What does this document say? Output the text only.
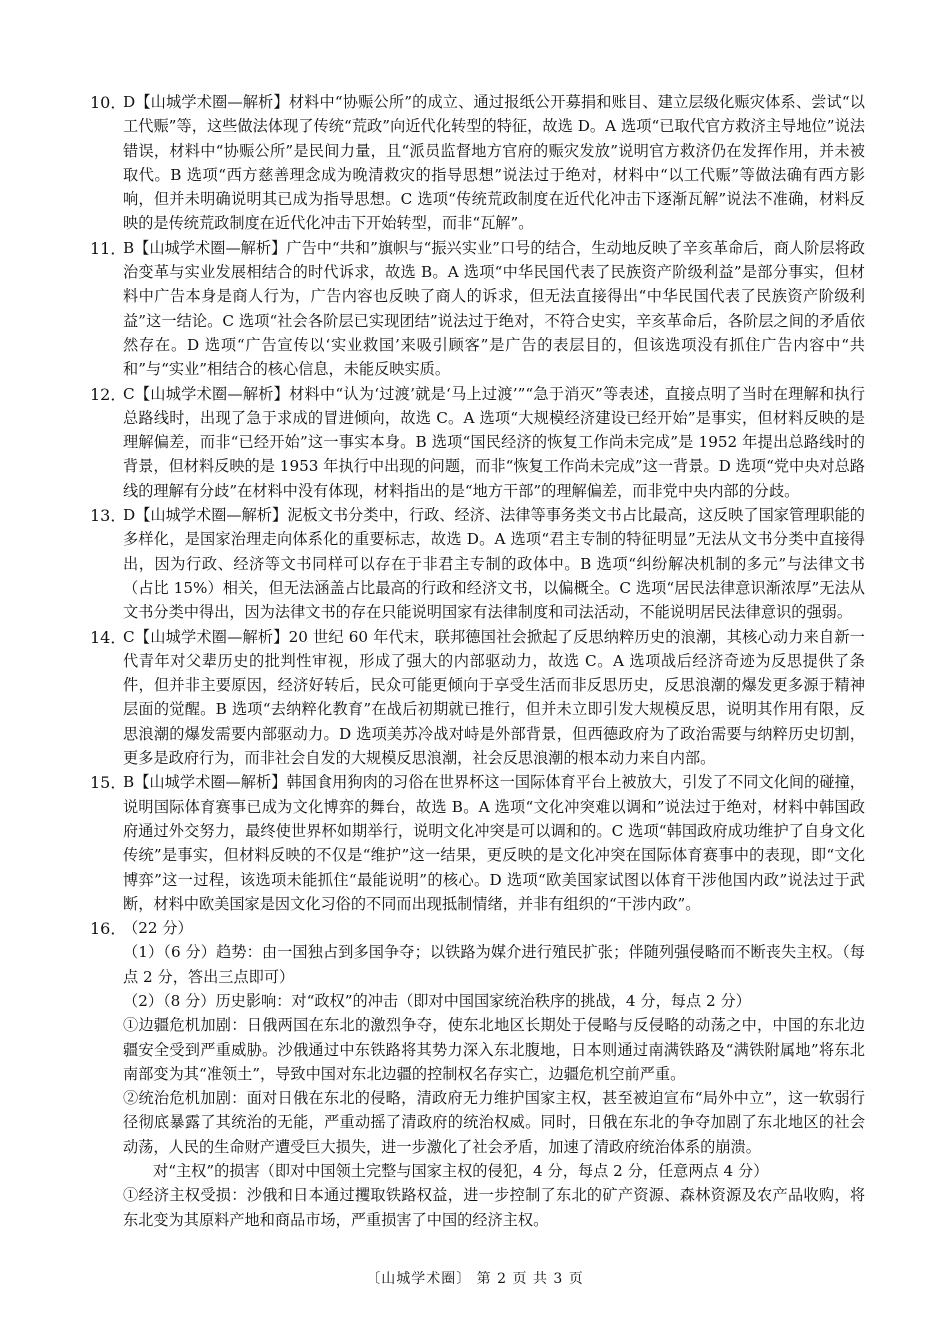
10．

D【山城学术圈—解析】材料中“协赈公所”的成立、通过报纸公开募捐和账目、建立层级化赈灾体系、尝试“以工代赈”等，这些做法体现了传统“荒政”向近代化转型的特征，故选 D。A 选项“已取代官方救济主导地位”说法错误，材料中“协赈公所”是民间力量，且“派员监督地方官府的赈灾发放”说明官方救济仍在发挥作用，并未被取代。B 选项“西方慈善理念成为晚清救灾的指导思想”说法过于绝对，材料中“以工代赈”等做法确有西方影响，但并未明确说明其已成为指导思想。C 选项“传统荒政制度在近代化冲击下逐渐瓦解”说法不准确，材料反映的是传统荒政制度在近代化冲击下开始转型，而非“瓦解”。

11．

B【山城学术圈—解析】广告中“共和”旗帜与“振兴实业”口号的结合，生动地反映了辛亥革命后，商人阶层将政治变革与实业发展相结合的时代诉求，故选 B。A 选项“中华民国代表了民族资产阶级利益”是部分事实，但材料中广告本身是商人行为，广告内容也反映了商人的诉求，但无法直接得出“中华民国代表了民族资产阶级利益”这一结论。C 选项“社会各阶层已实现团结”说法过于绝对，不符合史实，辛亥革命后，各阶层之间的矛盾依然存在。D 选项“广告宣传以‘实业救国’来吸引顾客”是广告的表层目的，但该选项没有抓住广告内容中“共和”与“实业”相结合的核心信息，未能反映实质。

12．

C【山城学术圈—解析】材料中“认为‘过渡’就是‘马上过渡’”“急于消灭”等表述，直接点明了当时在理解和执行总路线时，出现了急于求成的冒进倾向，故选 C。A 选项“大规模经济建设已经开始”是事实，但材料反映的是理解偏差，而非“已经开始”这一事实本身。B 选项“国民经济的恢复工作尚未完成”是 1952 年提出总路线时的背景，但材料反映的是 1953 年执行中出现的问题，而非“恢复工作尚未完成”这一背景。D 选项“党中央对总路线的理解有分歧”在材料中没有体现，材料指出的是“地方干部”的理解偏差，而非党中央内部的分歧。

13．

D【山城学术圈—解析】泥板文书分类中，行政、经济、法律等事务类文书占比最高，这反映了国家管理职能的多样化，是国家治理走向体系化的重要标志，故选 D。A 选项“君主专制的特征明显”无法从文书分类中直接得出，因为行政、经济等文书同样可以存在于非君主专制的政体中。B 选项“纠纷解决机制的多元”与法律文书（占比 15%）相关，但无法涵盖占比最高的行政和经济文书，以偏概全。C 选项“居民法律意识渐浓厚”无法从文书分类中得出，因为法律文书的存在只能说明国家有法律制度和司法活动，不能说明居民法律意识的强弱。

14．

C【山城学术圈—解析】20 世纪 60 年代末，联邦德国社会掀起了反思纳粹历史的浪潮，其核心动力来自新一代青年对父辈历史的批判性审视，形成了强大的内部驱动力，故选 C。A 选项战后经济奇迹为反思提供了条件，但并非主要原因，经济好转后，民众可能更倾向于享受生活而非反思历史，反思浪潮的爆发更多源于精神层面的觉醒。B 选项“去纳粹化教育”在战后初期就已推行，但并未立即引发大规模反思，说明其作用有限，反思浪潮的爆发需要内部驱动力。D 选项美苏冷战对峙是外部背景，但西德政府为了政治需要与纳粹历史切割，更多是政府行为，而非社会自发的大规模反思浪潮，社会反思浪潮的根本动力来自内部。

15．

B【山城学术圈—解析】韩国食用狗肉的习俗在世界杯这一国际体育平台上被放大，引发了不同文化间的碰撞，说明国际体育赛事已成为文化博弈的舞台，故选 B。A 选项“文化冲突难以调和”说法过于绝对，材料中韩国政府通过外交努力，最终使世界杯如期举行，说明文化冲突是可以调和的。C 选项“韩国政府成功维护了自身文化传统”是事实，但材料反映的不仅是“维护”这一结果，更反映的是文化冲突在国际体育赛事中的表现，即“文化博弈”这一过程，该选项未能抓住“最能说明”的核心。D 选项“欧美国家试图以体育干涉他国内政”说法过于武断，材料中欧美国家是因文化习俗的不同而出现抵制情绪，并非有组织的“干涉内政”。

16．

（22 分）

（1）（6 分）趋势：由一国独占到多国争夺；以铁路为媒介进行殖民扩张；伴随列强侵略而不断丧失主权。（每点 2 分，答出三点即可）

（2）（8 分）历史影响：对“政权”的冲击（即对中国国家统治秩序的挑战，4 分，每点 2 分）

①边疆危机加剧：日俄两国在东北的激烈争夺，使东北地区长期处于侵略与反侵略的动荡之中，中国的东北边疆安全受到严重威胁。沙俄通过中东铁路将其势力深入东北腹地，日本则通过南满铁路及“满铁附属地”将东北南部变为其“准领土”，导致中国对东北边疆的控制权名存实亡，边疆危机空前严重。

②统治危机加剧：面对日俄在东北的侵略，清政府无力维护国家主权，甚至被迫宣布“局外中立”，这一软弱行径彻底暴露了其统治的无能，严重动摇了清政府的统治权威。同时，日俄在东北的争夺加剧了东北地区的社会动荡，人民的生命财产遭受巨大损失，进一步激化了社会矛盾，加速了清政府统治体系的崩溃。

对“主权”的损害（即对中国领土完整与国家主权的侵犯，4 分，每点 2 分，任意两点 4 分）

①经济主权受损：沙俄和日本通过攫取铁路权益，进一步控制了东北的矿产资源、森林资源及农产品收购，将东北变为其原料产地和商品市场，严重损害了中国的经济主权。

〔山城学术圈〕 第 2 页 共 3 页
